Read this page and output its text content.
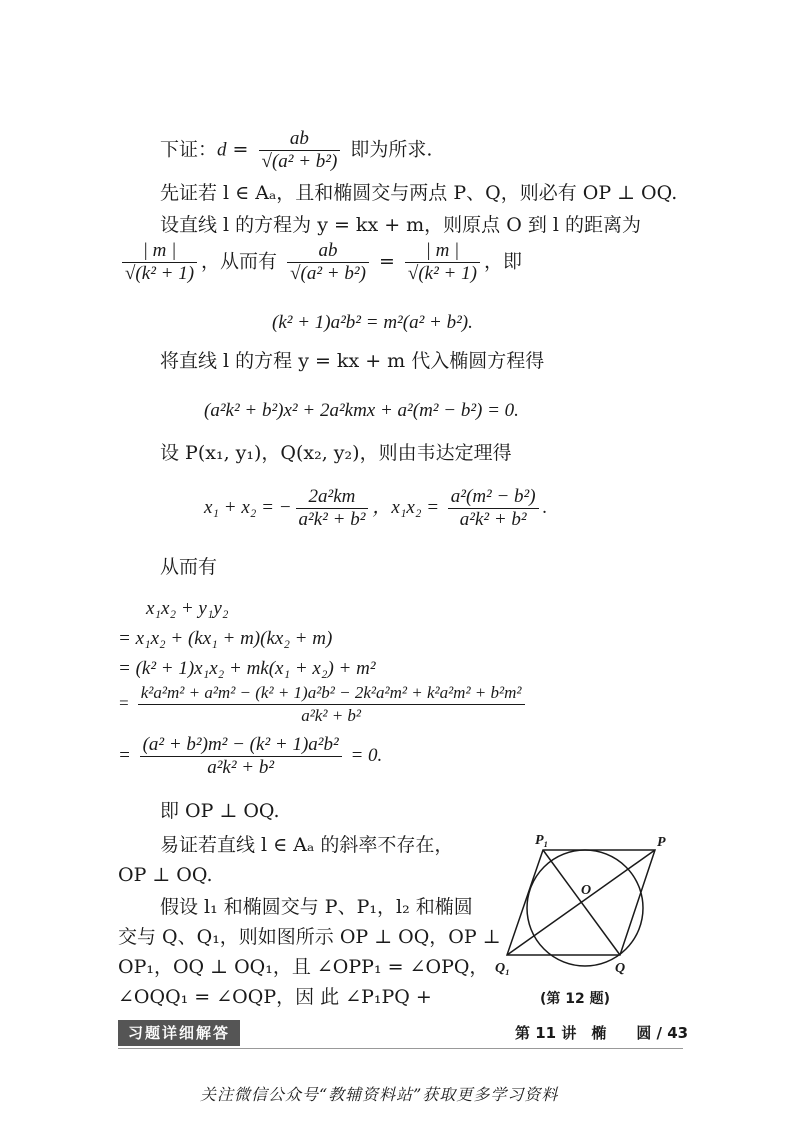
下证：$d = \frac{ab}{\text{√(a² + b²)}}$ 即为所求.
先证若 l ∈ Aₐ，且和椭圆交与两点 P、Q，则必有 OP ⊥ OQ.
设直线 l 的方程为 y = kx + m，则原点 O 到 l 的距离为
$\frac{| m |}{\text{√(k² + 1)}}$ ，从而有 $\frac{ab}{\text{√(a² + b²)}} = \frac{| m |}{\text{√(k² + 1)}}$ ，即
(k² + 1)a²b² = m²(a² + b²).
将直线 l 的方程 y = kx + m 代入椭圆方程得
(a²k² + b²)x² + 2a²kmx + a²(m² − b²) = 0.
设 P(x₁, y₁)，Q(x₂, y₂)，则由韦达定理得
x₁ + x₂ = − $\frac{\text{2a²km}}{\text{a²k² + b²}}$ ，$x_1x_2 = \frac{\text{a²(m² − b²)}}{\text{a²k² + b²}}$ .
从而有
x₁x₂ + y₁y₂
= x₁x₂ + (kx₁ + m)(kx₂ + m)
= (k² + 1)x₁x₂ + mk(x₁ + x₂) + m²
= $\frac{\text{k²a²m² + a²m² − (k² + 1)a²b² − 2k²a²m² + k²a²m² + b²m²}}{\text{a²k² + b²}}$
= $\frac{\text{(a² + b²)m² − (k² + 1)a²b²}}{\text{a²k² + b²}} = 0$.
即 OP ⊥ OQ.
易证若直线 l ∈ Aₐ 的斜率不存在，
OP ⊥ OQ.
假设 l₁ 和椭圆交与 P、P₁，l₂ 和椭圆
交与 Q、Q₁，则如图所示 OP ⊥ OQ，OP ⊥
OP₁，OQ ⊥ OQ₁，且 ∠OPP₁ = ∠OPQ，
∠OQQ₁ = ∠OQP，因 此 ∠P₁PQ +
P₁	P
O
Q₁	Q
(第 12 题)
习题详细解答	第 11 讲　椭　　圆 / 43
关注微信公众号“教辅资料站”获取更多学习资料
